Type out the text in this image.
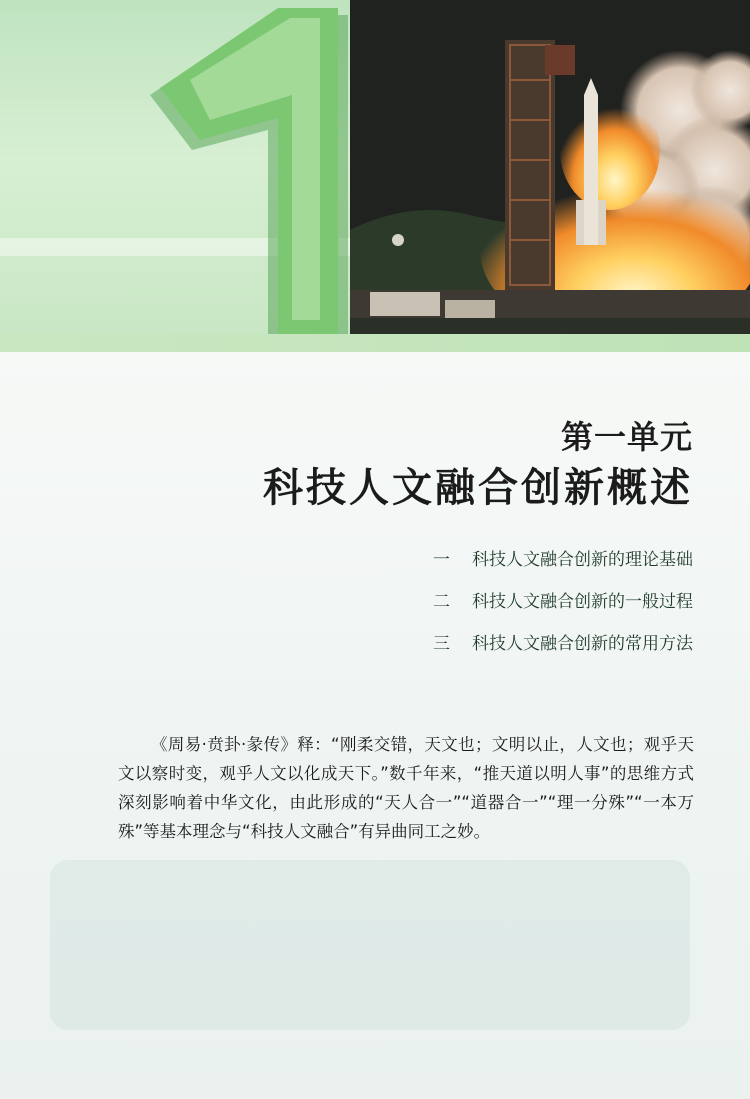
第一单元
科技人文融合创新概述
一 科技人文融合创新的理论基础
二 科技人文融合创新的一般过程
三 科技人文融合创新的常用方法

《周易·贲卦·彖传》释：“刚柔交错，天文也；文明以止，人文也；观乎天文以察时变，观乎人文以化成天下。”数千年来，“推天道以明人事”的思维方式深刻影响着中华文化，由此形成的“天人合一”“道器合一”“理一分殊”“一本万殊”等基本理念与“科技人文融合”有异曲同工之妙。
